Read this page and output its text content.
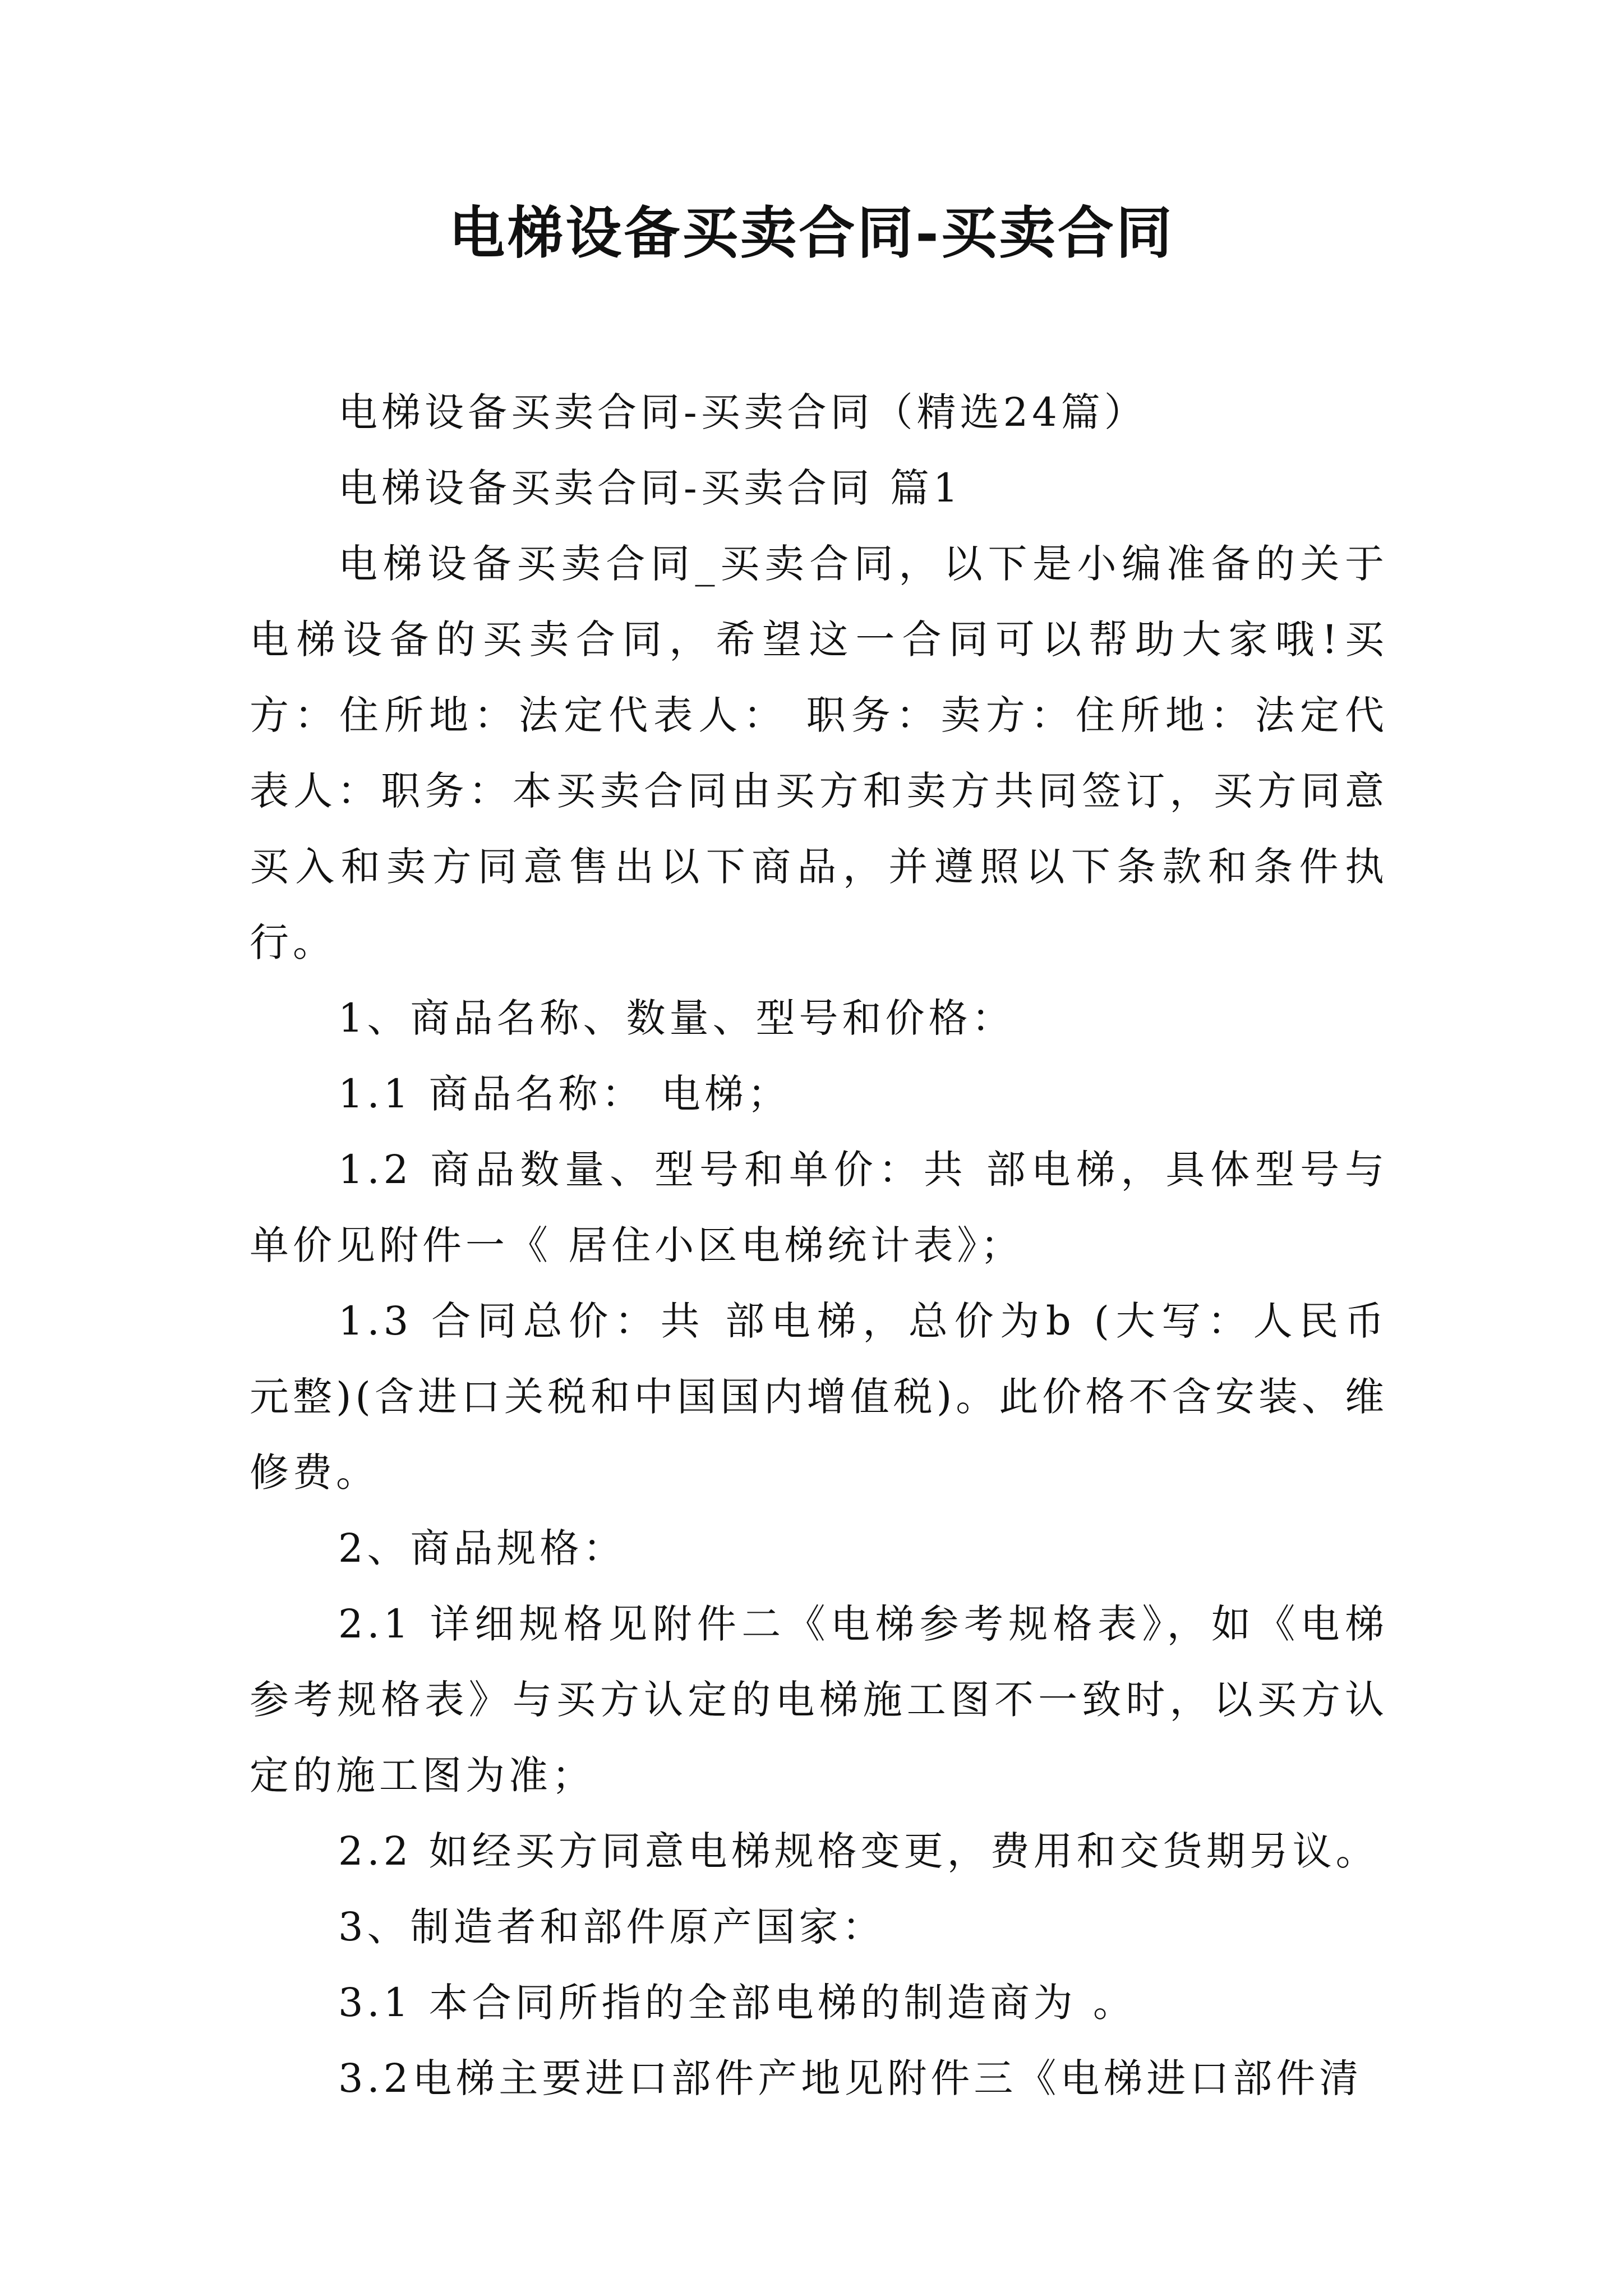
电梯设备买卖合同-买卖合同

电梯设备买卖合同-买卖合同（精选24篇）

电梯设备买卖合同-买卖合同 篇1

电梯设备买卖合同_买卖合同，以下是小编准备的关于电梯设备的买卖合同，希望这一合同可以帮助大家哦!买方：住所地：法定代表人： 职务：卖方：住所地：法定代表人：职务：本买卖合同由买方和卖方共同签订，买方同意买入和卖方同意售出以下商品，并遵照以下条款和条件执行。

1、商品名称、数量、型号和价格：

1.1 商品名称： 电梯；

1.2 商品数量、型号和单价：共 部电梯，具体型号与单价见附件一《 居住小区电梯统计表》；

1.3 合同总价：共 部电梯，总价为b (大写：人民币 元整)(含进口关税和中国国内增值税)。此价格不含安装、维修费。

2、商品规格：

2.1 详细规格见附件二《电梯参考规格表》，如《电梯参考规格表》与买方认定的电梯施工图不一致时，以买方认定的施工图为准；

2.2 如经买方同意电梯规格变更，费用和交货期另议。

3、制造者和部件原产国家：

3.1 本合同所指的全部电梯的制造商为 。

3.2电梯主要进口部件产地见附件三《电梯进口部件清
